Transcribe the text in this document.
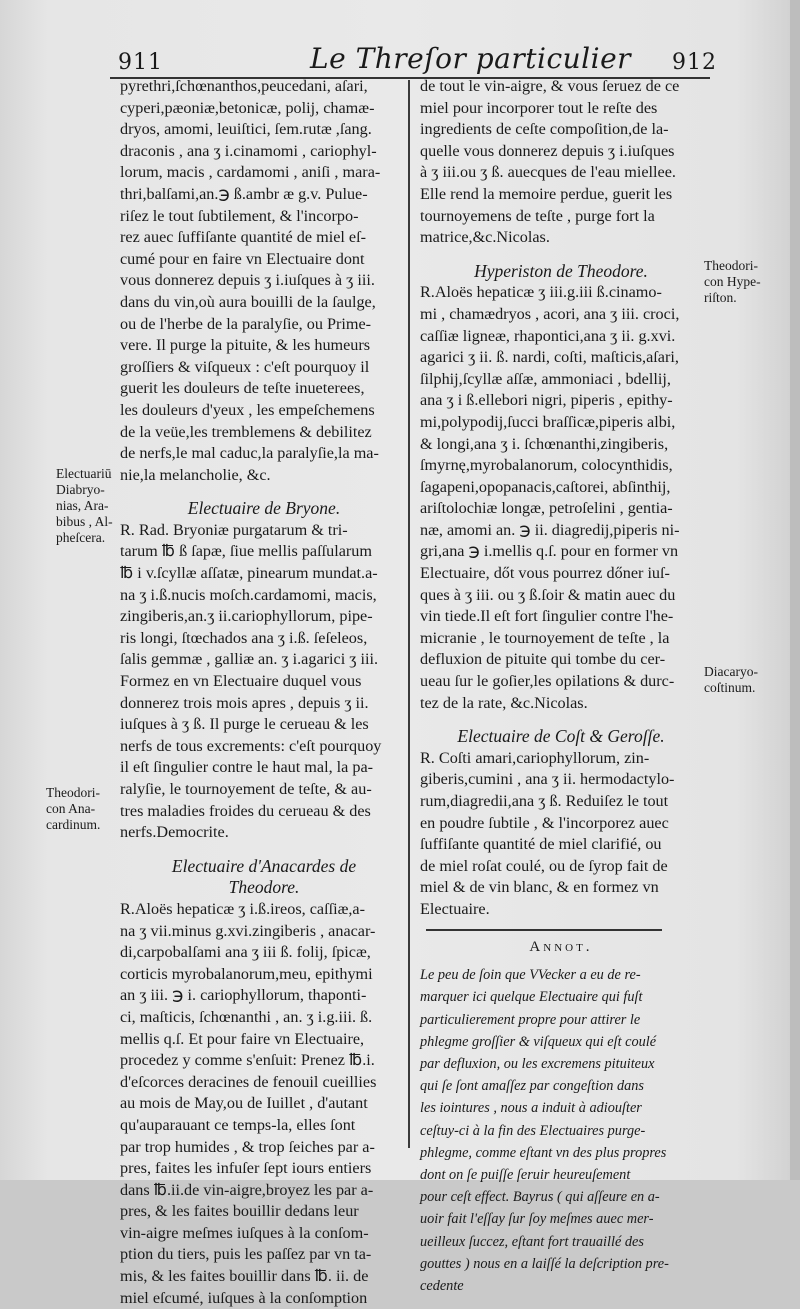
911	Le Threſor particulier 912
pyrethri,ſchœnanthos,peucedani, aſari,
cyperi,pæoniæ,betonicæ, polij, chamæ-
dryos, amomi, leuiſtici, ſem.rutæ ,ſang.
draconis , ana ʒ i.cinamomi , cariophyl-
lorum, macis , cardamomi , aniſi , mara-
thri,balſami,an.℈ ß.ambr æ g.v. Pulue-
riſez le tout ſubtilement, & l'incorpo-
rez auec ſuffiſante quantité de miel eſ-
cumé pour en faire vn Electuaire dont
vous donnerez depuis ʒ i.iuſques à ʒ iii.
dans du vin,où aura bouilli de la ſaulge,
ou de l'herbe de la paralyſie, ou Prime-
vere. Il purge la pituite, & les humeurs
groſſiers & viſqueux : c'eſt pourquoy il
guerit les douleurs de teſte inueterees,
les douleurs d'yeux , les empeſchemens
de la veüe,les tremblemens & debilitez
de nerfs,le mal caduc,la paralyſie,la ma-
nie,la melancholie, &c.
Electuaire de Bryone.
R. Rad. Bryoniæ purgatarum & tri-
tarum ℔ ß ſapæ, ſiue mellis paſſularum
℔ i v.ſcyllæ aſſatæ, pinearum mundat.a-
na ʒ i.ß.nucis moſch.cardamomi, macis,
zingiberis,an.ʒ ii.cariophyllorum, pipe-
ris longi, ſtœchados ana ʒ i.ß. ſeſeleos,
ſalis gemmæ , galliæ an. ʒ i.agarici ʒ iii.
Formez en vn Electuaire duquel vous
donnerez trois mois apres , depuis ʒ ii.
iuſques à ʒ ß. Il purge le cerueau & les
nerfs de tous excrements: c'eſt pourquoy
il eſt ſingulier contre le haut mal, la pa-
ralyſie, le tournoyement de teſte, & au-
tres maladies froides du cerueau & des
nerfs.Democrite.
Electuaire d'Anacardes de
Theodore.
R.Aloës hepaticæ ʒ i.ß.ireos, caſſiæ,a-
na ʒ vii.minus g.xvi.zingiberis , anacar-
di,carpobalſami ana ʒ iii ß. folij, ſpicæ,
corticis myrobalanorum,meu, epithymi
an ʒ iii. ℈ i. cariophyllorum, thaponti-
ci, maſticis, ſchœnanthi , an. ʒ i.g.iii. ß.
mellis q.ſ. Et pour faire vn Electuaire,
procedez y comme s'enſuit: Prenez ℔.i.
d'eſcorces deracines de fenouil cueillies
au mois de May,ou de Iuillet , d'autant
qu'auparauant ce temps-la, elles ſont
par trop humides , & trop ſeiches par a-
pres, faites les infuſer ſept iours entiers
dans ℔.ii.de vin-aigre,broyez les par a-
pres, & les faites bouillir dedans leur
vin-aigre meſmes iuſques à la conſom-
ption du tiers, puis les paſſez par vn ta-
mis, & les faites bouillir dans ℔. ii. de
miel eſcumé, iuſques à la conſomption
de tout le vin-aigre, & vous ſeruez de ce
miel pour incorporer tout le reſte des
ingredients de ceſte compoſition,de la-
quelle vous donnerez depuis ʒ i.iuſques
à ʒ iii.ou ʒ ß. auecques de l'eau miellee.
Elle rend la memoire perdue, guerit les
tournoyemens de teſte , purge fort la
matrice,&c.Nicolas.
Hyperiston de Theodore.
R.Aloës hepaticæ ʒ iii.g.iii ß.cinamo-
mi , chamædryos , acori, ana ʒ iii. croci,
caſſiæ ligneæ, rhapontici,ana ʒ ii. g.xvi.
agarici ʒ ii. ß. nardi, coſti, maſticis,aſari,
ſilphij,ſcyllæ aſſæ, ammoniaci , bdellij,
ana ʒ i ß.ellebori nigri, piperis , epithy-
mi,polypodij,ſucci braſſicæ,piperis albi,
& longi,ana ʒ i. ſchœnanthi,zingiberis,
ſmyrnę,myrobalanorum, colocynthidis,
ſagapeni,opopanacis,caſtorei, abſinthij,
ariſtolochiæ longæ, petroſelini , gentia-
næ, amomi an. ℈ ii. diagredij,piperis ni-
gri,ana ℈ i.mellis q.ſ. pour en former vn
Electuaire, dőt vous pourrez dőner iuſ-
ques à ʒ iii. ou ʒ ß.ſoir & matin auec du
vin tiede.Il eſt fort ſingulier contre l'he-
micranie , le tournoyement de teſte , la
defluxion de pituite qui tombe du cer-
ueau ſur le goſier,les opilations & durc-
tez de la rate, &c.Nicolas.
Electuaire de Coſt & Geroſſe.
R. Coſti amari,cariophyllorum, zin-
giberis,cumini , ana ʒ ii. hermodactylo-
rum,diagredii,ana ʒ ß. Reduiſez le tout
en poudre ſubtile , & l'incorporez auec
ſuffiſante quantité de miel clarifié, ou
de miel roſat coulé, ou de ſyrop fait de
miel & de vin blanc, & en formez vn
Electuaire.
Annot.
Le peu de ſoin que VVecker a eu de re-
marquer ici quelque Electuaire qui fuſt
particulierement propre pour attirer le
phlegme groſſier & viſqueux qui eſt coulé
par defluxion, ou les excremens pituiteux
qui ſe ſont amaſſez par congeſtion dans
les iointures , nous a induit à adiouſter
ceſtuy-ci à la fin des Electuaires purge-
phlegme, comme eſtant vn des plus propres
dont on ſe puiſſe ſeruir heureuſement
pour ceſt effect. Bayrus ( qui aſſeure en a-
uoir fait l'eſſay ſur ſoy meſmes auec mer-
ueilleux ſuccez, eſtant fort trauaillé des
gouttes ) nous en a laiſſé la deſcription pre-
cedente
Electuariū
Diabryo-
nias, Ara-
bibus , Al-
pheſcera.
Theodori-
con Ana-
cardinum.
Theodori-
con Hype-
riſton.
Diacaryo-
coſtinum.
